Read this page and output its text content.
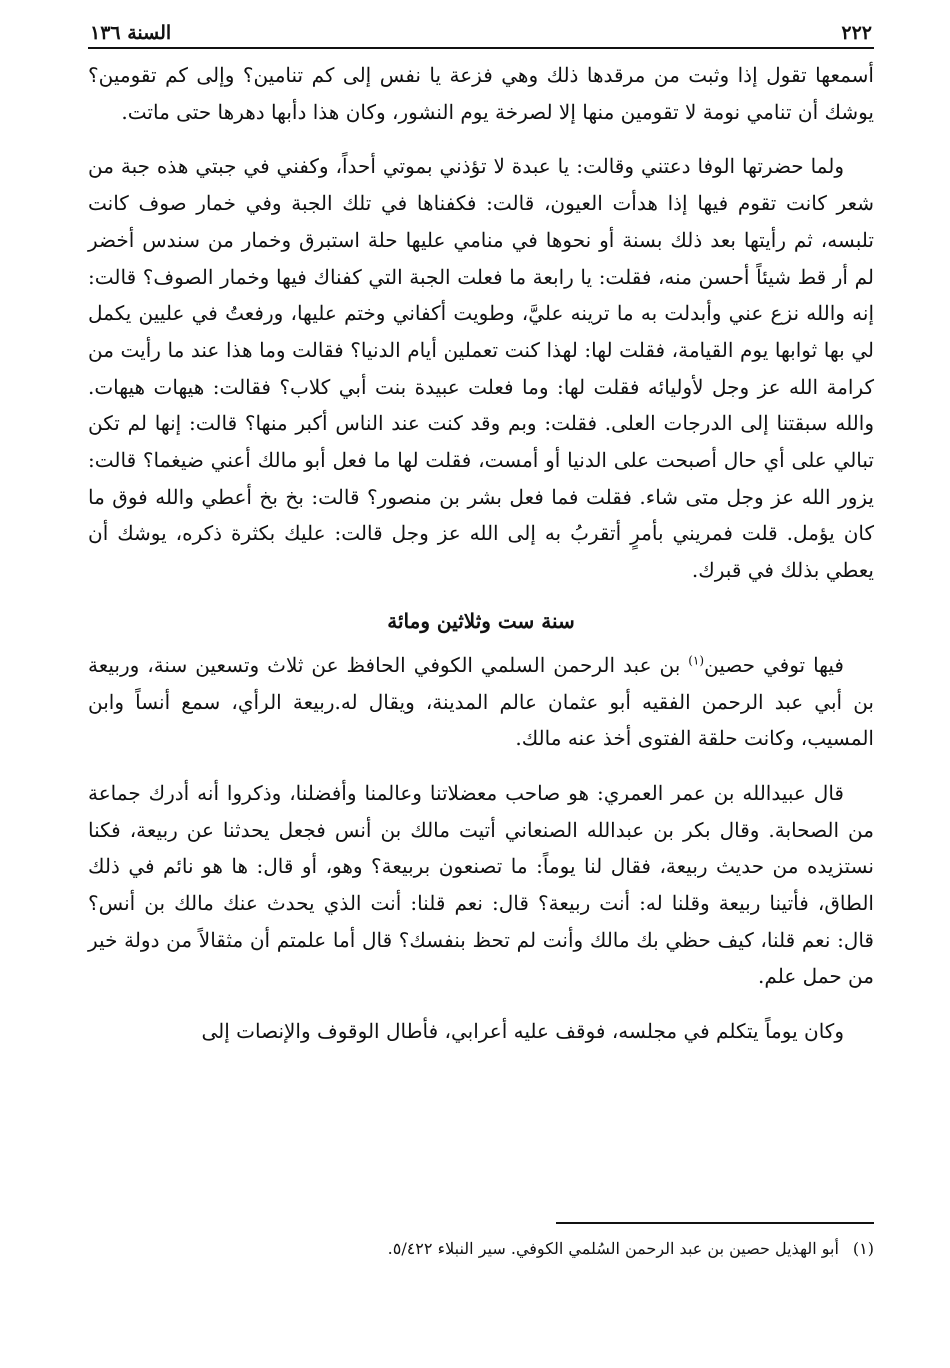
٢٢٢
السنة ١٣٦

أسمعها تقول إذا وثبت من مرقدها ذلك وهي فزعة يا نفس إلى كم تنامين؟ وإلى كم تقومين؟ يوشك أن تنامي نومة لا تقومين منها إلا لصرخة يوم النشور، وكان هذا دأبها دهرها حتى ماتت.

ولما حضرتها الوفا دعتني وقالت: يا عبدة لا تؤذني بموتي أحداً، وكفني في جبتي هذه جبة من شعر كانت تقوم فيها إذا هدأت العيون، قالت: فكفناها في تلك الجبة وفي خمار صوف كانت تلبسه، ثم رأيتها بعد ذلك بسنة أو نحوها في منامي عليها حلة استبرق وخمار من سندس أخضر لم أر قط شيئاً أحسن منه، فقلت: يا رابعة ما فعلت الجبة التي كفناك فيها وخمار الصوف؟ قالت: إنه والله نزع عني وأبدلت به ما ترينه عليَّ، وطويت أكفاني وختم عليها، ورفعتُ في عليين يكمل لي بها ثوابها يوم القيامة، فقلت لها: لهذا كنت تعملين أيام الدنيا؟ فقالت وما هذا عند ما رأيت من كرامة الله عز وجل لأوليائه فقلت لها: وما فعلت عبيدة بنت أبي كلاب؟ فقالت: هيهات هيهات. والله سبقتنا إلى الدرجات العلى. فقلت: وبم وقد كنت عند الناس أكبر منها؟ قالت: إنها لم تكن تبالي على أي حال أصبحت على الدنيا أو أمست، فقلت لها ما فعل أبو مالك أعني ضيغما؟ قالت: يزور الله عز وجل متى شاء. فقلت فما فعل بشر بن منصور؟ قالت: بخ بخ أعطي والله فوق ما كان يؤمل. قلت فمريني بأمرٍ أتقربُ به إلى الله عز وجل قالت: عليك بكثرة ذكره، يوشك أن يعطي بذلك في قبرك.

سنة ست وثلاثين ومائة

فيها توفي حصين$^{(١)}$ بن عبد الرحمن السلمي الكوفي الحافظ عن ثلاث وتسعين سنة، وربيعة بن أبي عبد الرحمن الفقيه أبو عثمان عالم المدينة، ويقال له.ربيعة الرأي، سمع أنساً وابن المسيب، وكانت حلقة الفتوى أخذ عنه مالك.

قال عبيدالله بن عمر العمري: هو صاحب معضلاتنا وعالمنا وأفضلنا، وذكروا أنه أدرك جماعة من الصحابة. وقال بكر بن عبدالله الصنعاني أتيت مالك بن أنس فجعل يحدثنا عن ربيعة، فكنا نستزيده من حديث ربيعة، فقال لنا يوماً: ما تصنعون بربيعة؟ وهو، أو قال: ها هو نائم في ذلك الطاق، فأتينا ربيعة وقلنا له: أنت ربيعة؟ قال: نعم قلنا: أنت الذي يحدث عنك مالك بن أنس؟ قال: نعم قلنا، كيف حظي بك مالك وأنت لم تحظ بنفسك؟ قال أما علمتم أن مثقالاً من دولة خير من حمل علم.

وكان يوماً يتكلم في مجلسه، فوقف عليه أعرابي، فأطال الوقوف والإنصات إلى

(١)أبو الهذيل حصين بن عبد الرحمن السُلمي الكوفي. سير النبلاء ٥/٤٢٢.
